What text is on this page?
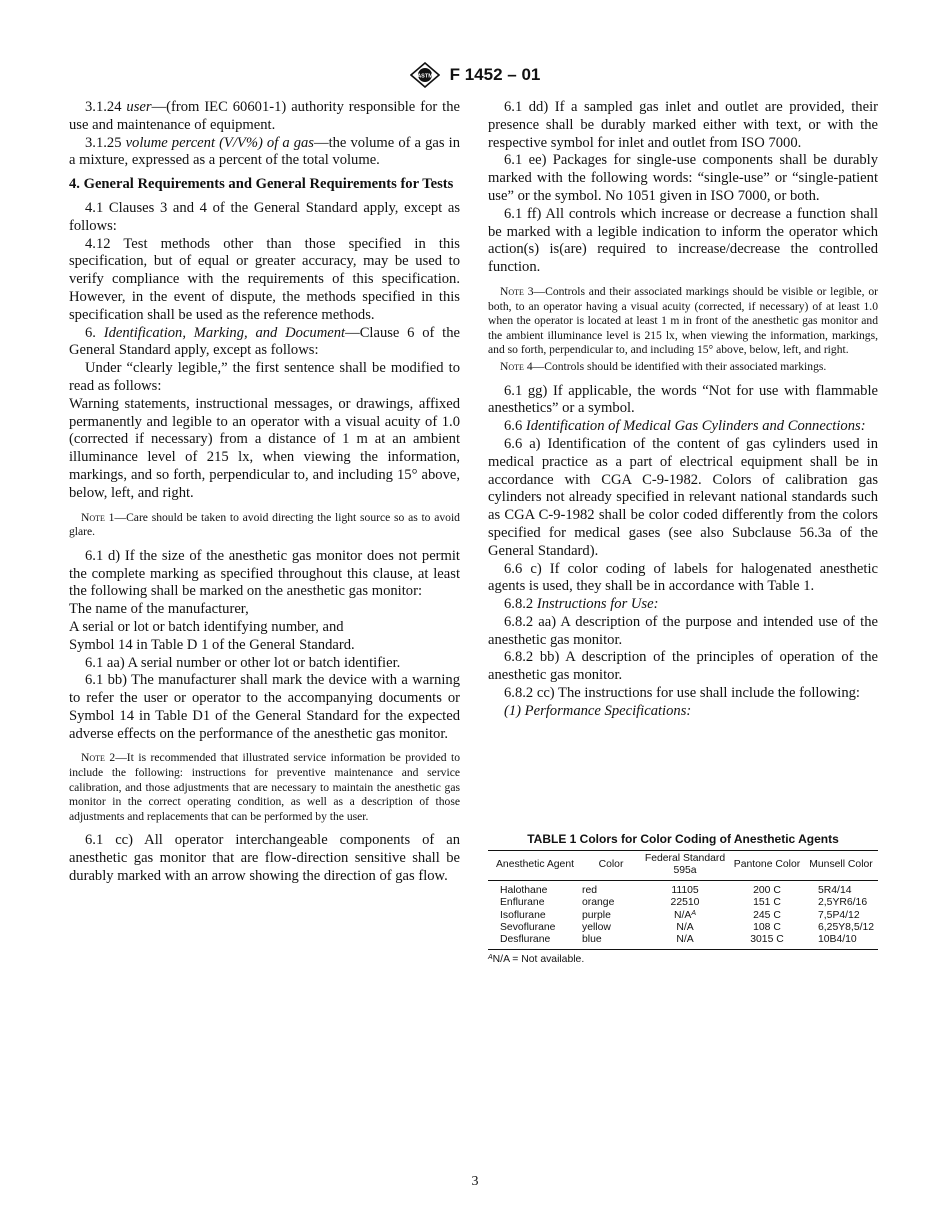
ASTM F 1452 – 01

3.1.24 user—(from IEC 60601-1) authority responsible for the use and maintenance of equipment.

3.1.25 volume percent (V/V%) of a gas—the volume of a gas in a mixture, expressed as a percent of the total volume.

4. General Requirements and General Requirements for Tests

4.1 Clauses 3 and 4 of the General Standard apply, except as follows:

4.12 Test methods other than those specified in this specification, but of equal or greater accuracy, may be used to verify compliance with the requirements of this specification. However, in the event of dispute, the methods specified in this specification shall be used as the reference methods.

6. Identification, Marking, and Document—Clause 6 of the General Standard apply, except as follows:

Under “clearly legible,” the first sentence shall be modified to read as follows:

Warning statements, instructional messages, or drawings, affixed permanently and legible to an operator with a visual acuity of 1.0 (corrected if necessary) from a distance of 1 m at an ambient illuminance level of 215 lx, when viewing the information, markings, and so forth, perpendicular to, and including 15° above, below, left, and right.

Note 1—Care should be taken to avoid directing the light source so as to avoid glare.

6.1 d) If the size of the anesthetic gas monitor does not permit the complete marking as specified throughout this clause, at least the following shall be marked on the anesthetic gas monitor:

The name of the manufacturer,

A serial or lot or batch identifying number, and

Symbol 14 in Table D 1 of the General Standard.

6.1 aa) A serial number or other lot or batch identifier.

6.1 bb) The manufacturer shall mark the device with a warning to refer the user or operator to the accompanying documents or Symbol 14 in Table D1 of the General Standard for the expected adverse effects on the performance of the anesthetic gas monitor.

Note 2—It is recommended that illustrated service information be provided to include the following: instructions for preventive maintenance and service calibration, and those adjustments that are necessary to maintain the anesthetic gas monitor in the correct operating condition, as well as a description of those adjustments and replacements that can be performed by the user.

6.1 cc) All operator interchangeable components of an anesthetic gas monitor that are flow-direction sensitive shall be durably marked with an arrow showing the direction of gas flow.

6.1 dd) If a sampled gas inlet and outlet are provided, their presence shall be durably marked either with text, or with the respective symbol for inlet and outlet from ISO 7000.

6.1 ee) Packages for single-use components shall be durably marked with the following words: “single-use” or “single-patient use” or the symbol. No 1051 given in ISO 7000, or both.

6.1 ff) All controls which increase or decrease a function shall be marked with a legible indication to inform the operator which action(s) is(are) required to increase/decrease the controlled function.

Note 3—Controls and their associated markings should be visible or legible, or both, to an operator having a visual acuity (corrected, if necessary) of at least 1.0 when the operator is located at least 1 m in front of the anesthetic gas monitor and the ambient illuminance level is 215 lx, when viewing the information, markings, and so forth, perpendicular to, and including 15° above, below, left, and right.

Note 4—Controls should be identified with their associated markings.

6.1 gg) If applicable, the words “Not for use with flammable anesthetics” or a symbol.

6.6 Identification of Medical Gas Cylinders and Connections:

6.6 a) Identification of the content of gas cylinders used in medical practice as a part of electrical equipment shall be in accordance with CGA C-9-1982. Colors of calibration gas cylinders not already specified in relevant national standards such as CGA C-9-1982 shall be color coded differently from the colors specified for medical gases (see also Subclause 56.3a of the General Standard).

6.6 c) If color coding of labels for halogenated anesthetic agents is used, they shall be in accordance with Table 1.

6.8.2 Instructions for Use:

6.8.2 aa) A description of the purpose and intended use of the anesthetic gas monitor.

6.8.2 bb) A description of the principles of operation of the anesthetic gas monitor.

6.8.2 cc) The instructions for use shall include the following:

(1) Performance Specifications:

TABLE 1 Colors for Color Coding of Anesthetic Agents
Anesthetic Agent	Color	Federal Standard 595a	Pantone Color	Munsell Color
Halothane	red	11105	200 C	5R4/14
Enflurane	orange	22510	151 C	2,5YR6/16
Isoflurane	purple	$N/A^A$	245 C	7,5P4/12
Sevoflurane	yellow	N/A	108 C	6,25Y8,5/12
Desflurane	blue	N/A	3015 C	10B4/10
$^A$N/A = Not available.
3
